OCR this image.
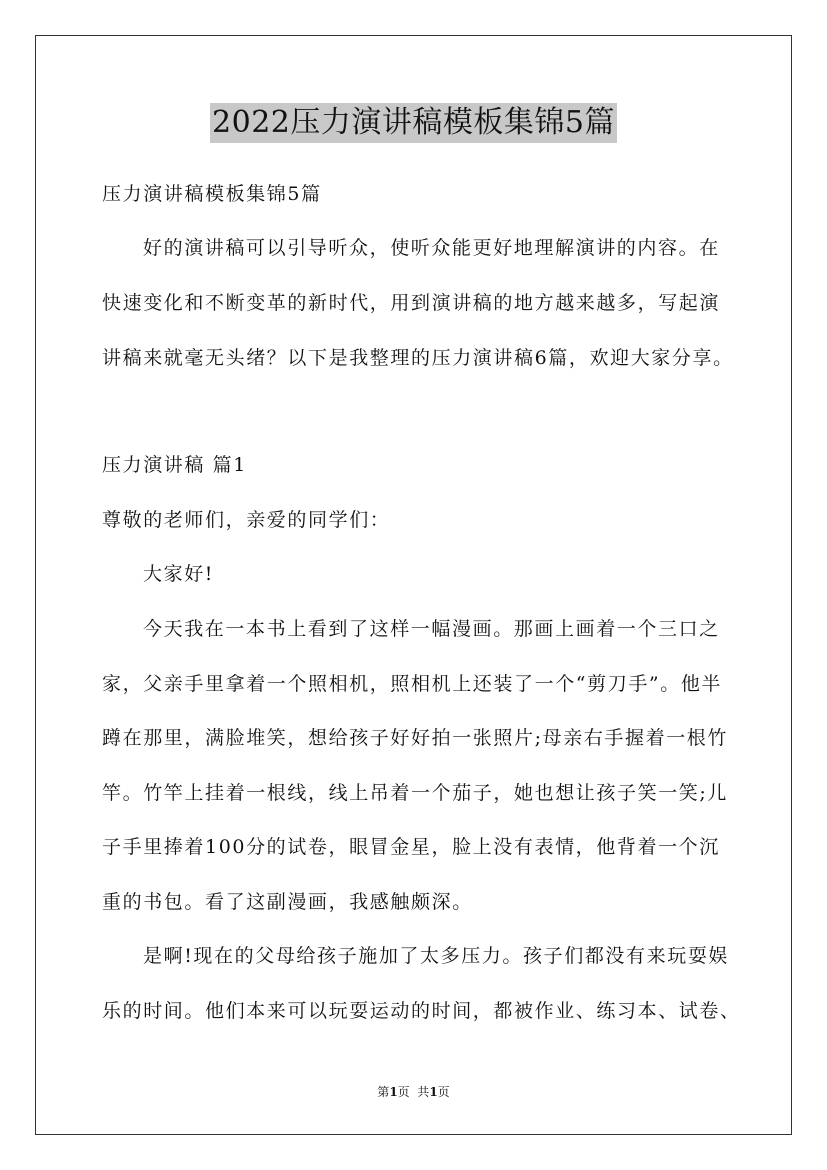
2022压力演讲稿模板集锦5篇
压力演讲稿模板集锦5篇
好的演讲稿可以引导听众，使听众能更好地理解演讲的内容。在
快速变化和不断变革的新时代，用到演讲稿的地方越来越多，写起演
讲稿来就毫无头绪？以下是我整理的压力演讲稿6篇，欢迎大家分享。
压力演讲稿 篇1
尊敬的老师们，亲爱的同学们：
大家好!
今天我在一本书上看到了这样一幅漫画。那画上画着一个三口之
家，父亲手里拿着一个照相机，照相机上还装了一个“剪刀手”。他半
蹲在那里，满脸堆笑，想给孩子好好拍一张照片;母亲右手握着一根竹
竿。竹竿上挂着一根线，线上吊着一个茄子，她也想让孩子笑一笑;儿
子手里捧着100分的试卷，眼冒金星，脸上没有表情，他背着一个沉
重的书包。看了这副漫画，我感触颇深。
是啊!现在的父母给孩子施加了太多压力。孩子们都没有来玩耍娱
乐的时间。他们本来可以玩耍运动的时间，都被作业、练习本、试卷、
第1页  共1页
